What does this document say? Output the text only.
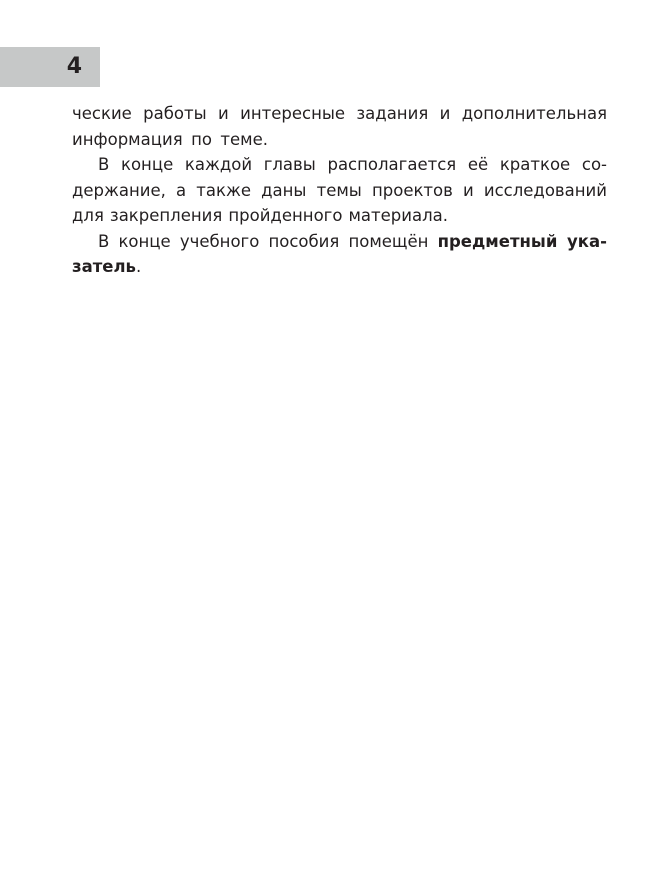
4
ческие работы и интересные задания и дополнительная
информация по теме.
В конце каждой главы располагается её краткое со-
держание, а также даны темы проектов и исследований
для закрепления пройденного материала.
В конце учебного пособия помещён предметный ука-
затель.
